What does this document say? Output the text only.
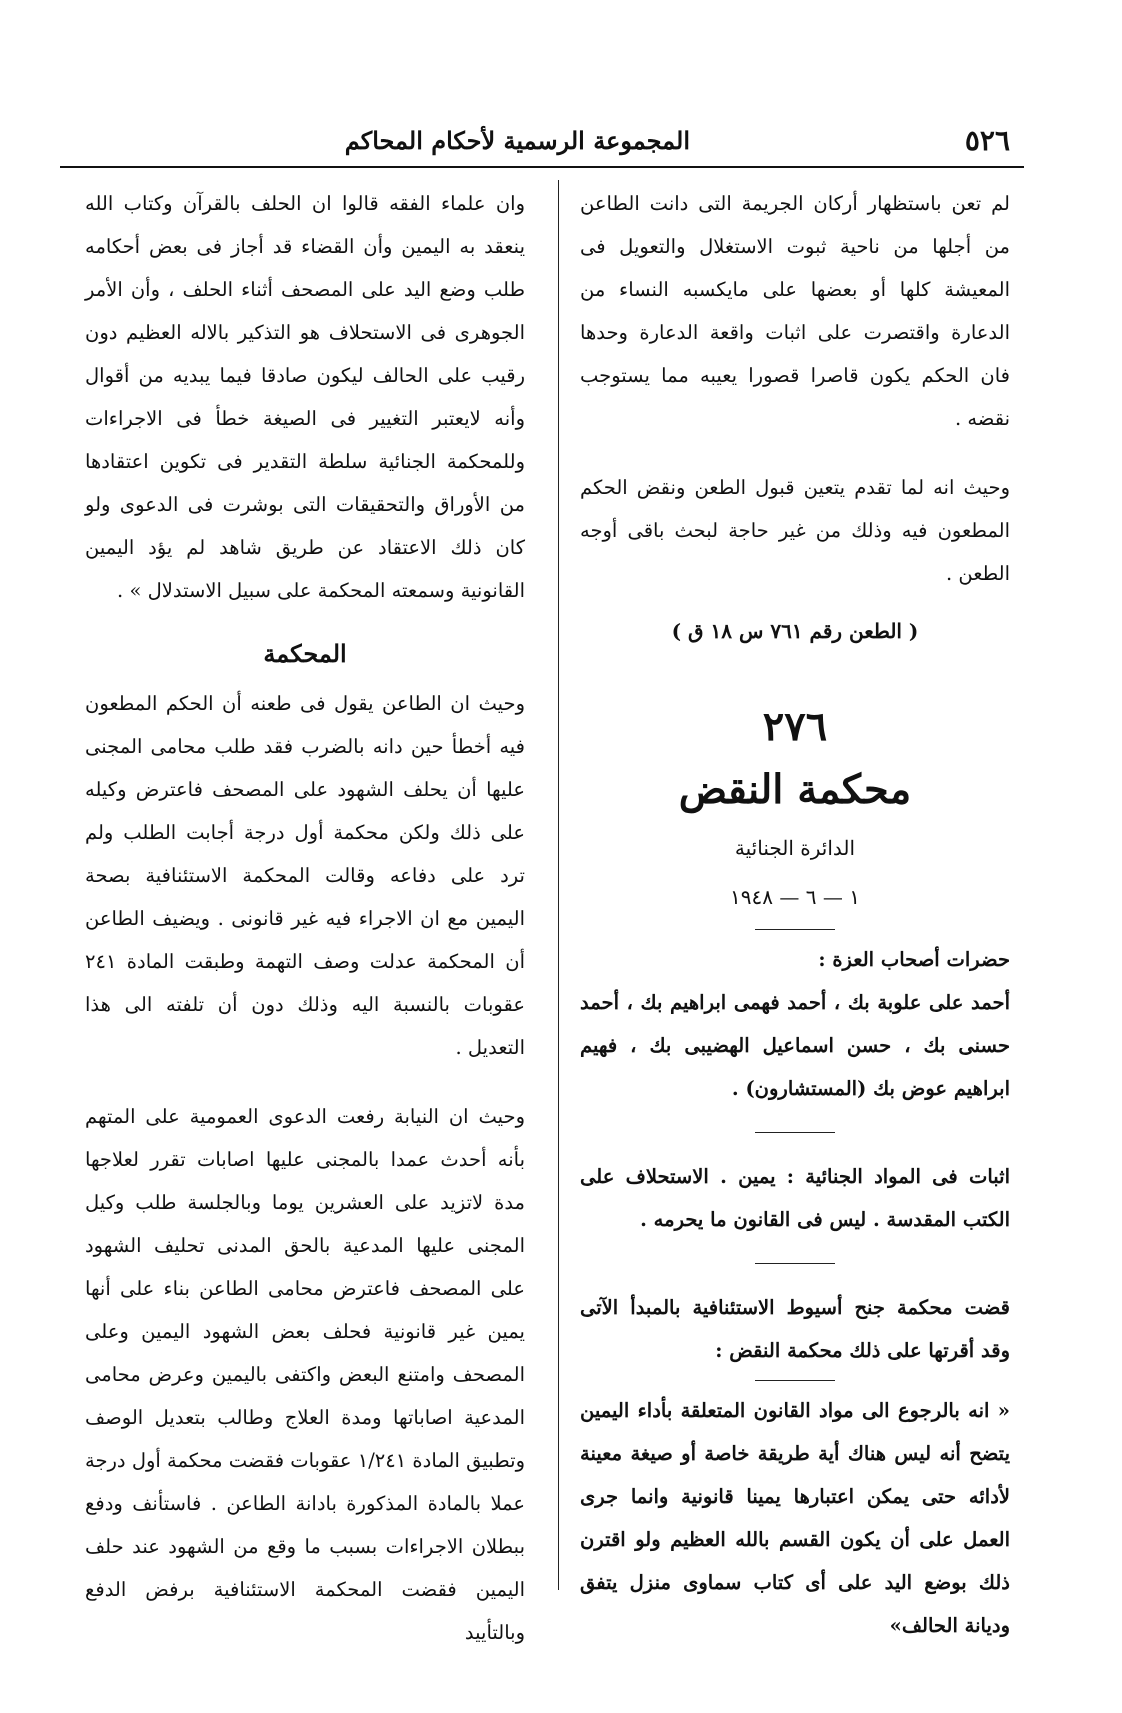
٥٢٦
المجموعة الرسمية لأحكام المحاكم

لم تعن باستظهار أركان الجريمة التى دانت الطاعن من أجلها من ناحية ثبوت الاستغلال والتعويل فى المعيشة كلها أو بعضها على مايكسبه النساء من الدعارة واقتصرت على اثبات واقعة الدعارة وحدها فان الحكم يكون قاصرا قصورا يعيبه مما يستوجب نقضه .

وحيث انه لما تقدم يتعين قبول الطعن ونقض الحكم المطعون فيه وذلك من غير حاجة لبحث باقى أوجه الطعن .

( الطعن رقم ٧٦١ س ١٨ ق )
٢٧٦
محكمة النقض
الدائرة الجنائية
١ — ٦ — ١٩٤٨

حضرات أصحاب العزة :

أحمد على علوبة بك ، أحمد فهمى ابراهيم بك ، أحمد حسنى بك ، حسن اسماعيل الهضيبى بك ، فهيم ابراهيم عوض بك (المستشارون) .

اثبات فى المواد الجنائية : يمين . الاستحلاف على الكتب المقدسة . ليس فى القانون ما يحرمه .

قضت محكمة جنح أسيوط الاستئنافية بالمبدأ الآتى وقد أقرتها على ذلك محكمة النقض :

« انه بالرجوع الى مواد القانون المتعلقة بأداء اليمين يتضح أنه ليس هناك أية طريقة خاصة أو صيغة معينة لأدائه حتى يمكن اعتبارها يمينا قانونية وانما جرى العمل على أن يكون القسم بالله العظيم ولو اقترن ذلك بوضع اليد على أى كتاب سماوى منزل يتفق وديانة الحالف»

وان علماء الفقه قالوا ان الحلف بالقرآن وكتاب الله ينعقد به اليمين وأن القضاء قد أجاز فى بعض أحكامه طلب وضع اليد على المصحف أثناء الحلف ، وأن الأمر الجوهرى فى الاستحلاف هو التذكير بالاله العظيم دون رقيب على الحالف ليكون صادقا فيما يبديه من أقوال وأنه لايعتبر التغيير فى الصيغة خطأ فى الاجراءات وللمحكمة الجنائية سلطة التقدير فى تكوين اعتقادها من الأوراق والتحقيقات التى بوشرت فى الدعوى ولو كان ذلك الاعتقاد عن طريق شاهد لم يؤد اليمين القانونية وسمعته المحكمة على سبيل الاستدلال » .

المحكمة

وحيث ان الطاعن يقول فى طعنه أن الحكم المطعون فيه أخطأ حين دانه بالضرب فقد طلب محامى المجنى عليها أن يحلف الشهود على المصحف فاعترض وكيله على ذلك ولكن محكمة أول درجة أجابت الطلب ولم ترد على دفاعه وقالت المحكمة الاستئنافية بصحة اليمين مع ان الاجراء فيه غير قانونى . ويضيف الطاعن أن المحكمة عدلت وصف التهمة وطبقت المادة ٢٤١ عقوبات بالنسبة اليه وذلك دون أن تلفته الى هذا التعديل .

وحيث ان النيابة رفعت الدعوى العمومية على المتهم بأنه أحدث عمدا بالمجنى عليها اصابات تقرر لعلاجها مدة لاتزيد على العشرين يوما وبالجلسة طلب وكيل المجنى عليها المدعية بالحق المدنى تحليف الشهود على المصحف فاعترض محامى الطاعن بناء على أنها يمين غير قانونية فحلف بعض الشهود اليمين وعلى المصحف وامتنع البعض واكتفى باليمين وعرض محامى المدعية اصاباتها ومدة العلاج وطالب بتعديل الوصف وتطبيق المادة ١/٢٤١ عقوبات فقضت محكمة أول درجة عملا بالمادة المذكورة بادانة الطاعن . فاستأنف ودفع ببطلان الاجراءات بسبب ما وقع من الشهود عند حلف اليمين فقضت المحكمة الاستئنافية برفض الدفع وبالتأييد
